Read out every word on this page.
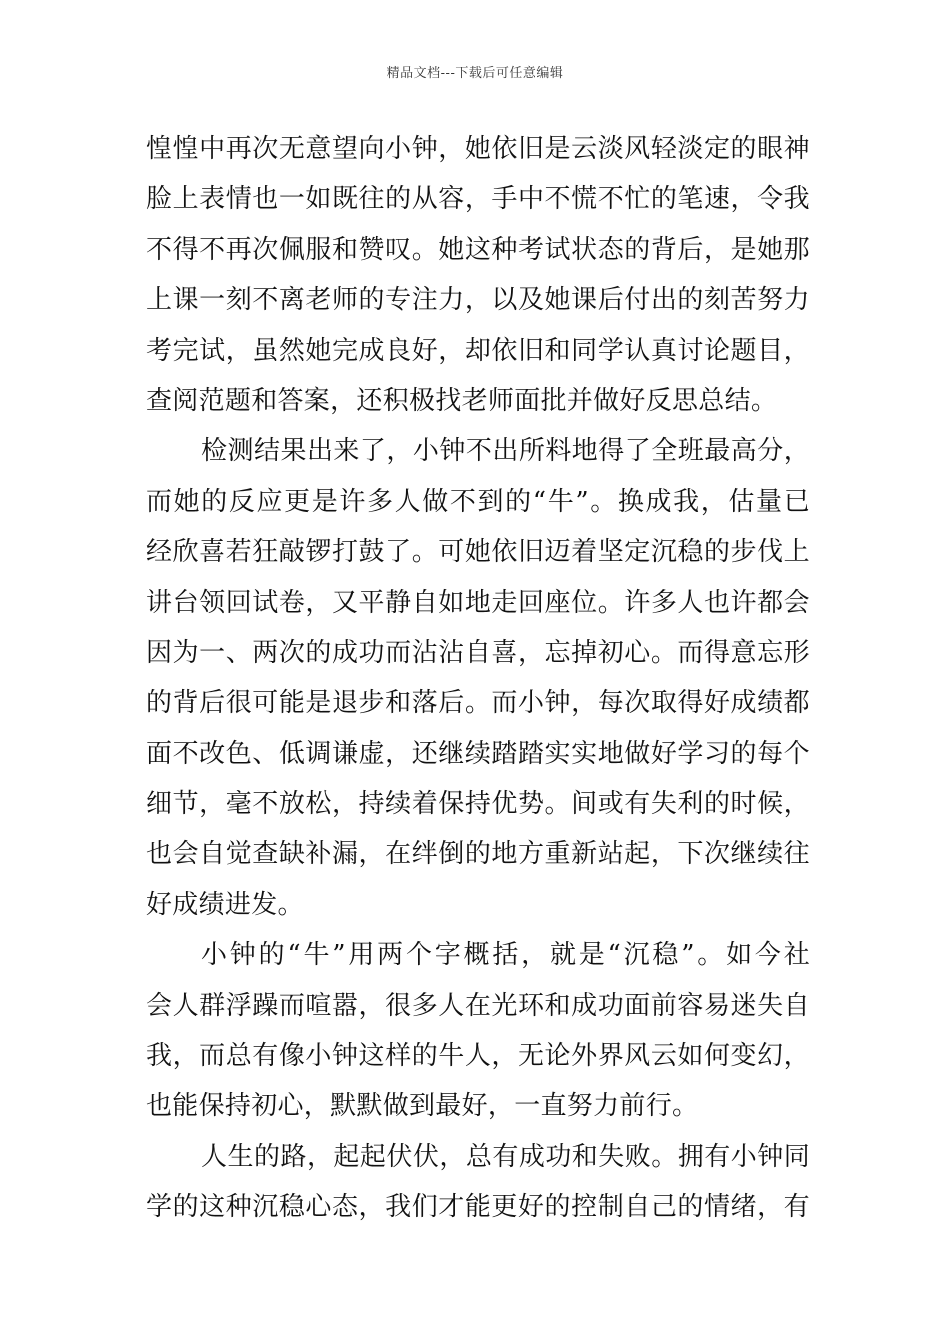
精品文档---下载后可任意编辑
惶惶中再次无意望向小钟，她依旧是云淡风轻淡定的眼神
脸上表情也一如既往的从容，手中不慌不忙的笔速，令我
不得不再次佩服和赞叹。她这种考试状态的背后，是她那
上课一刻不离老师的专注力，以及她课后付出的刻苦努力
考完试，虽然她完成良好，却依旧和同学认真讨论题目，
查阅范题和答案，还积极找老师面批并做好反思总结。
检测结果出来了，小钟不出所料地得了全班最高分，
而她的反应更是许多人做不到的“牛”。换成我，估量已
经欣喜若狂敲锣打鼓了。可她依旧迈着坚定沉稳的步伐上
讲台领回试卷，又平静自如地走回座位。许多人也许都会
因为一、两次的成功而沾沾自喜，忘掉初心。而得意忘形
的背后很可能是退步和落后。而小钟，每次取得好成绩都
面不改色、低调谦虚，还继续踏踏实实地做好学习的每个
细节，毫不放松，持续着保持优势。间或有失利的时候，
也会自觉查缺补漏，在绊倒的地方重新站起，下次继续往
好成绩进发。
小钟的“牛”用两个字概括，就是“沉稳”。如今社
会人群浮躁而喧嚣，很多人在光环和成功面前容易迷失自
我，而总有像小钟这样的牛人，无论外界风云如何变幻，
也能保持初心，默默做到最好，一直努力前行。
人生的路，起起伏伏，总有成功和失败。拥有小钟同
学的这种沉稳心态，我们才能更好的控制自己的情绪，有
